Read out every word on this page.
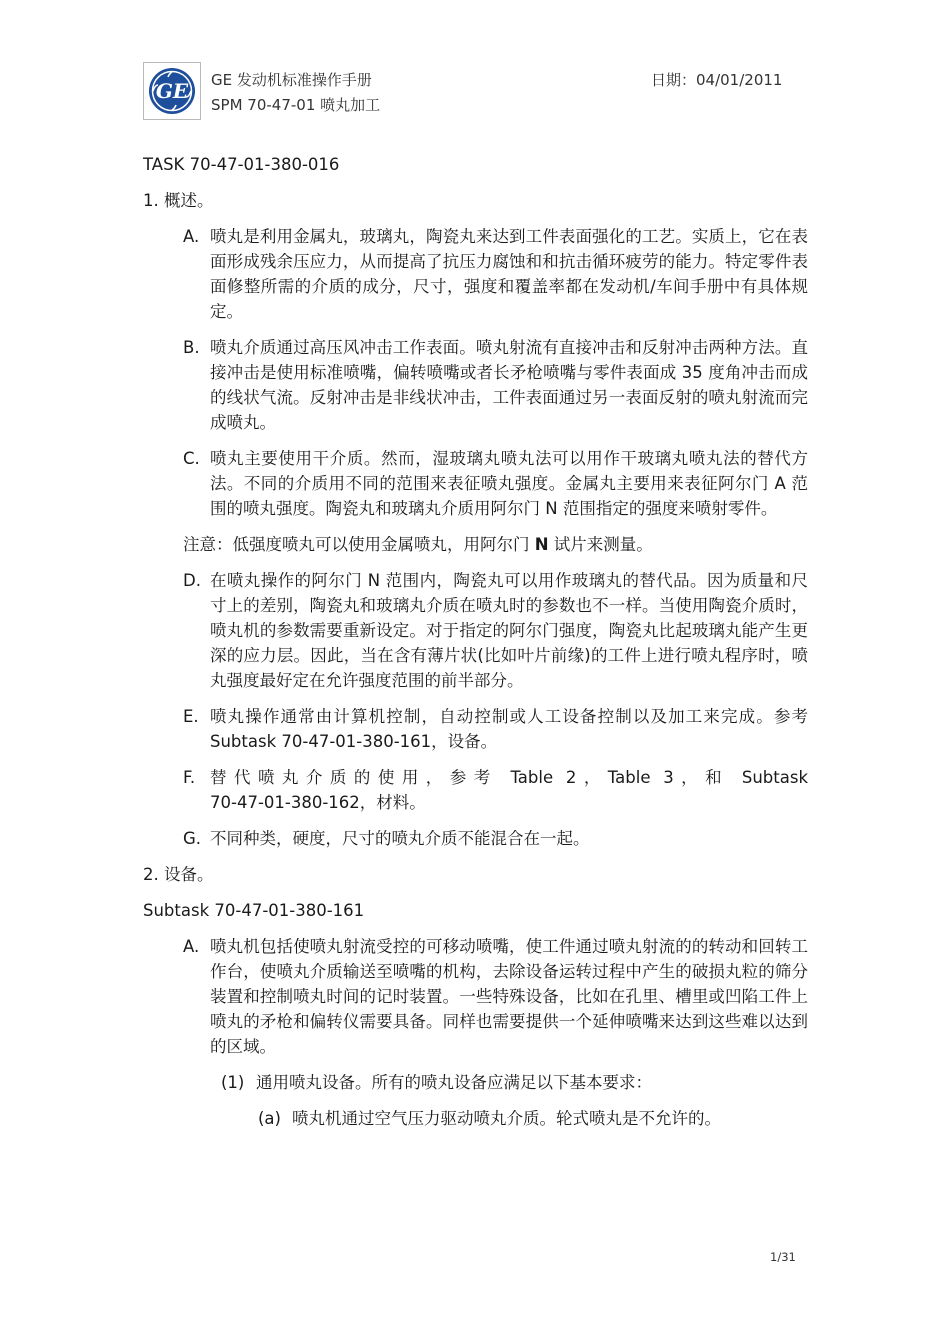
GE GE 发动机标准操作手册
SPM 70-47-01 喷丸加工
日期：04/01/2011

TASK 70-47-01-380-016

1. 概述。

A. 喷丸是利用金属丸，玻璃丸，陶瓷丸来达到工件表面强化的工艺。实质上，它在表面形成残余压应力，从而提高了抗压力腐蚀和和抗击循环疲劳的能力。特定零件表面修整所需的介质的成分，尺寸，强度和覆盖率都在发动机/车间手册中有具体规定。
B. 喷丸介质通过高压风冲击工作表面。喷丸射流有直接冲击和反射冲击两种方法。直接冲击是使用标准喷嘴，偏转喷嘴或者长矛枪喷嘴与零件表面成 35 度角冲击而成的线状气流。反射冲击是非线状冲击，工件表面通过另一表面反射的喷丸射流而完成喷丸。
C. 喷丸主要使用干介质。然而，湿玻璃丸喷丸法可以用作干玻璃丸喷丸法的替代方法。不同的介质用不同的范围来表征喷丸强度。金属丸主要用来表征阿尔门 A 范围的喷丸强度。陶瓷丸和玻璃丸介质用阿尔门 N 范围指定的强度来喷射零件。
注意：低强度喷丸可以使用金属喷丸，用阿尔门 N 试片来测量。
D. 在喷丸操作的阿尔门 N 范围内，陶瓷丸可以用作玻璃丸的替代品。因为质量和尺寸上的差别，陶瓷丸和玻璃丸介质在喷丸时的参数也不一样。当使用陶瓷介质时，喷丸机的参数需要重新设定。对于指定的阿尔门强度，陶瓷丸比起玻璃丸能产生更深的应力层。因此，当在含有薄片状(比如叶片前缘)的工件上进行喷丸程序时，喷丸强度最好定在允许强度范围的前半部分。
E. 喷丸操作通常由计算机控制，自动控制或人工设备控制以及加工来完成。参考 Subtask 70-47-01-380-161，设备。
F. 替代喷丸介质的使用，参考 Table 2，Table 3，和 Subtask
70-47-01-380-162，材料。
G. 不同种类，硬度，尺寸的喷丸介质不能混合在一起。

2. 设备。

Subtask 70-47-01-380-161

A. 喷丸机包括使喷丸射流受控的可移动喷嘴，使工件通过喷丸射流的的转动和回转工作台，使喷丸介质输送至喷嘴的机构，去除设备运转过程中产生的破损丸粒的筛分装置和控制喷丸时间的记时装置。一些特殊设备，比如在孔里、槽里或凹陷工件上喷丸的矛枪和偏转仪需要具备。同样也需要提供一个延伸喷嘴来达到这些难以达到的区域。
(1) 通用喷丸设备。所有的喷丸设备应满足以下基本要求：
(a) 喷丸机通过空气压力驱动喷丸介质。轮式喷丸是不允许的。
1/31
